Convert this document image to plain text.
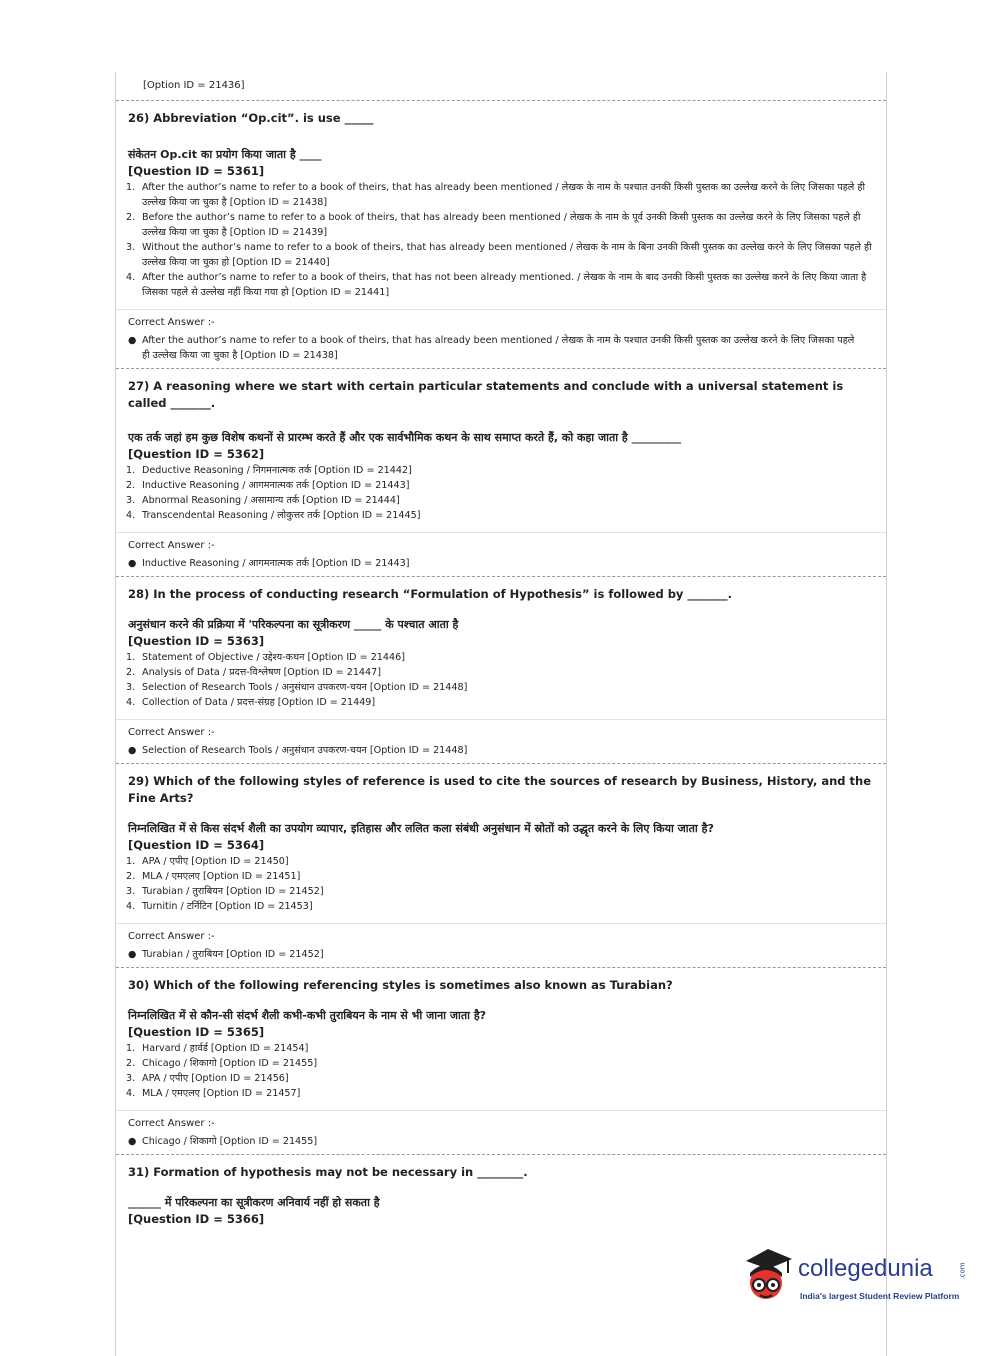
[Option ID = 21436]
26) Abbreviation “Op.cit”. is use _____
संकेतन Op.cit का प्रयोग किया जाता है ____
[Question ID = 5361]
1. After the author’s name to refer to a book of theirs, that has already been mentioned / लेखक के नाम के पश्चात उनकी किसी पुस्तक का उल्लेख करने के लिए जिसका पहले ही उल्लेख किया जा चुका है [Option ID = 21438]
2. Before the author’s name to refer to a book of theirs, that has already been mentioned / लेखक के नाम के पूर्व उनकी किसी पुस्तक का उल्लेख करने के लिए जिसका पहले ही उल्लेख किया जा चुका है [Option ID = 21439]
3. Without the author’s name to refer to a book of theirs, that has already been mentioned / लेखक के नाम के बिना उनकी किसी पुस्तक का उल्लेख करने के लिए जिसका पहले ही उल्लेख किया जा चुका हो [Option ID = 21440]
4. After the author’s name to refer to a book of theirs, that has not been already mentioned. / लेखक के नाम के बाद उनकी किसी पुस्तक का उल्लेख करने के लिए किया जाता है जिसका पहले से उल्लेख नहीं किया गया हो [Option ID = 21441]
Correct Answer :-
● After the author’s name to refer to a book of theirs, that has already been mentioned / लेखक के नाम के पश्चात उनकी किसी पुस्तक का उल्लेख करने के लिए जिसका पहले ही उल्लेख किया जा चुका है [Option ID = 21438]
27) A reasoning where we start with certain particular statements and conclude with a universal statement is called _______.
एक तर्क जहां हम कुछ विशेष कथनों से प्रारम्भ करते हैं और एक सार्वभौमिक कथन के साथ समाप्त करते हैं, को कहा जाता है _________
[Question ID = 5362]
1. Deductive Reasoning / निगमनात्मक तर्क [Option ID = 21442]
2. Inductive Reasoning / आगमनात्मक तर्क [Option ID = 21443]
3. Abnormal Reasoning / असामान्य तर्क [Option ID = 21444]
4. Transcendental Reasoning / लोकुत्तर तर्क [Option ID = 21445]
Correct Answer :-
● Inductive Reasoning / आगमनात्मक तर्क [Option ID = 21443]
28) In the process of conducting research “Formulation of Hypothesis” is followed by _______.
अनुसंधान करने की प्रक्रिया में 'परिकल्पना का सूत्रीकरण _____ के पश्चात आता है
[Question ID = 5363]
1. Statement of Objective / उद्देश्य-कथन [Option ID = 21446]
2. Analysis of Data / प्रदत्त-विश्लेषण [Option ID = 21447]
3. Selection of Research Tools / अनुसंधान उपकरण-चयन [Option ID = 21448]
4. Collection of Data / प्रदत्त-संग्रह [Option ID = 21449]
Correct Answer :-
● Selection of Research Tools / अनुसंधान उपकरण-चयन [Option ID = 21448]
29) Which of the following styles of reference is used to cite the sources of research by Business, History, and the Fine Arts?
निम्नलिखित में से किस संदर्भ शैली का उपयोग व्यापार, इतिहास और ललित कला संबंधी अनुसंधान में स्रोतों को उद्धृत करने के लिए किया जाता है?
[Question ID = 5364]
1. APA / एपीए [Option ID = 21450]
2. MLA / एमएलए [Option ID = 21451]
3. Turabian / तुराबियन [Option ID = 21452]
4. Turnitin / टर्निटिन [Option ID = 21453]
Correct Answer :-
● Turabian / तुराबियन [Option ID = 21452]
30) Which of the following referencing styles is sometimes also known as Turabian?
निम्नलिखित में से कौन-सी संदर्भ शैली कभी-कभी तुराबियन के नाम से भी जाना जाता है?
[Question ID = 5365]
1. Harvard / हार्वर्ड [Option ID = 21454]
2. Chicago / शिकागो [Option ID = 21455]
3. APA / एपीए [Option ID = 21456]
4. MLA / एमएलए [Option ID = 21457]
Correct Answer :-
● Chicago / शिकागो [Option ID = 21455]
31) Formation of hypothesis may not be necessary in ________.
______ में परिकल्पना का सूत्रीकरण अनिवार्य नहीं हो सकता है
[Question ID = 5366]
collegedunia	.com
India's largest Student Review Platform
